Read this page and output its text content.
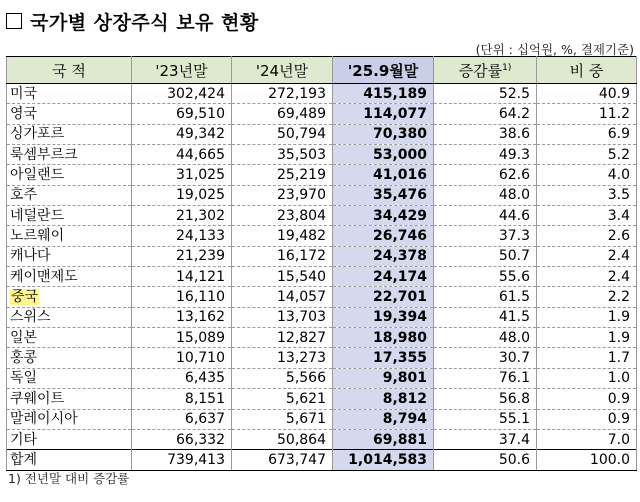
국가별 상장주식 보유 현황
(단위 : 십억원, %, 결제기준)
국 적	'23년말	'24년말	'25.9월말	증감률$^{1)}$	비 중
미국	302,424	272,193	415,189	52.5	40.9
영국	69,510	69,489	114,077	64.2	11.2
싱가포르	49,342	50,794	70,380	38.6	6.9
룩셈부르크	44,665	35,503	53,000	49.3	5.2
아일랜드	31,025	25,219	41,016	62.6	4.0
호주	19,025	23,970	35,476	48.0	3.5
네덜란드	21,302	23,804	34,429	44.6	3.4
노르웨이	24,133	19,482	26,746	37.3	2.6
캐나다	21,239	16,172	24,378	50.7	2.4
케이맨제도	14,121	15,540	24,174	55.6	2.4
중국	16,110	14,057	22,701	61.5	2.2
스위스	13,162	13,703	19,394	41.5	1.9
일본	15,089	12,827	18,980	48.0	1.9
홍콩	10,710	13,273	17,355	30.7	1.7
독일	6,435	5,566	9,801	76.1	1.0
쿠웨이트	8,151	5,621	8,812	56.8	0.9
말레이시아	6,637	5,671	8,794	55.1	0.9
기타	66,332	50,864	69,881	37.4	7.0
합계	739,413	673,747	1,014,583	50.6	100.0
1) 전년말 대비 증감률
